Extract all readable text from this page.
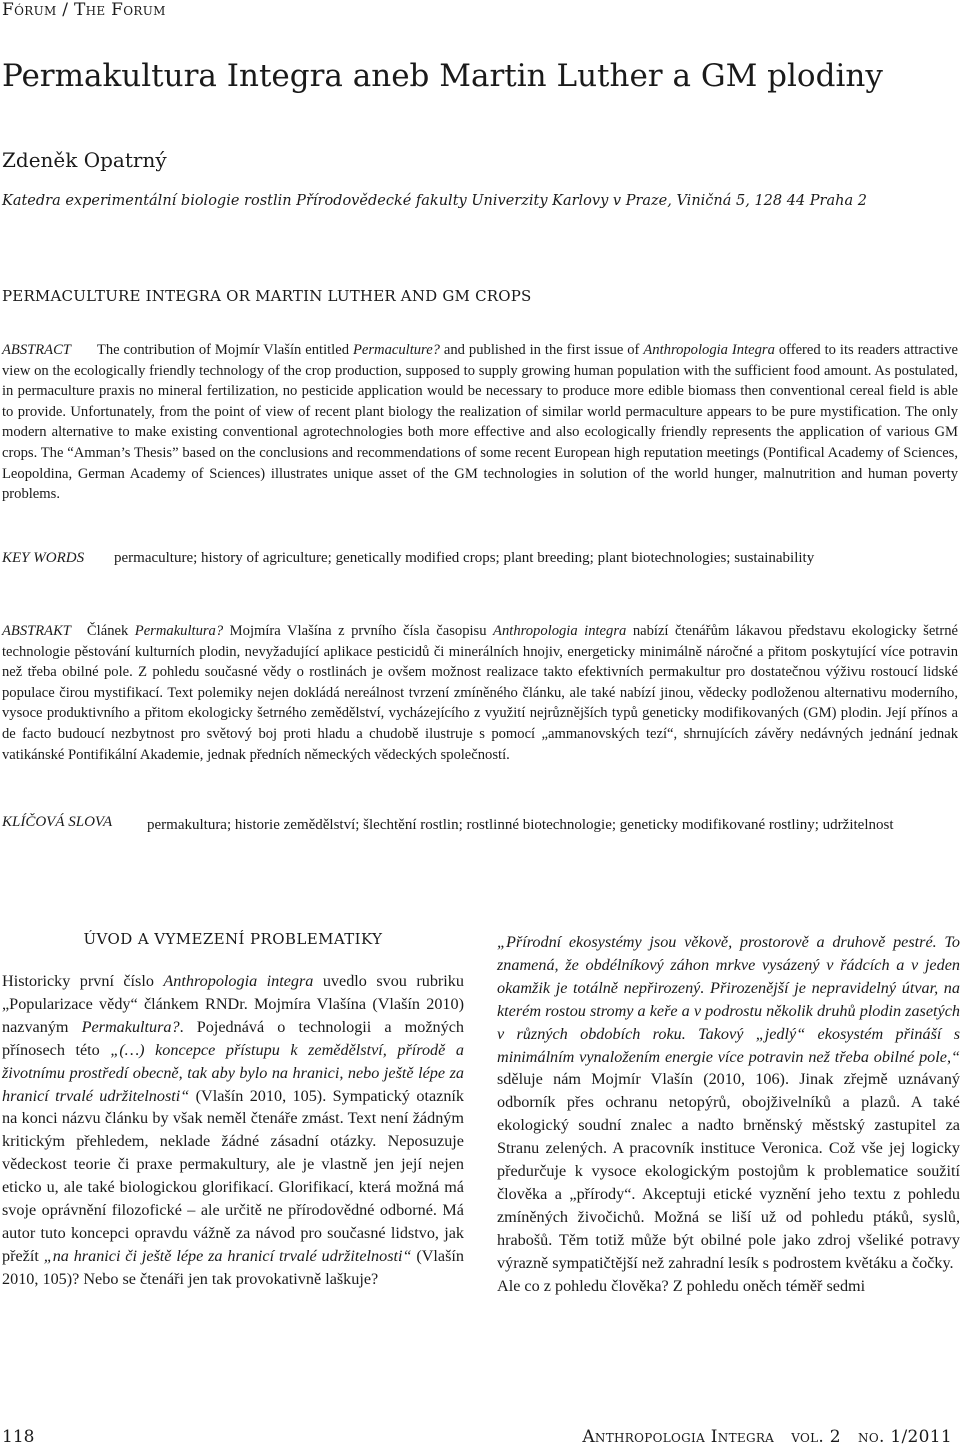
Fórum / The Forum
Permakultura Integra aneb Martin Luther a GM plodiny
Zdeněk Opatrný
Katedra experimentální biologie rostlin Přírodovědecké fakulty Univerzity Karlovy v Praze, Viničná 5, 128 44 Praha 2
PERMACULTURE INTEGRA OR MARTIN LUTHER AND GM CROPS
ABSTRACT The contribution of Mojmír Vlašín entitled Permaculture? and published in the first issue of Anthropologia Integra offered to its readers attractive view on the ecologically friendly technology of the crop production, supposed to supply growing human population with the sufficient food amount. As postulated, in permaculture praxis no mineral fertilization, no pesticide application would be necessary to produce more edible biomass then conventional cereal field is able to provide. Unfortunately, from the point of view of recent plant biology the realization of similar world permaculture appears to be pure mystification. The only modern alternative to make existing conventional agrotechnologies both more effective and also ecologically friendly represents the application of various GM crops. The “Amman’s Thesis” based on the conclusions and recommendations of some recent European high reputation meetings (Pontifical Academy of Sciences, Leopoldina, German Academy of Sciences) illustrates unique asset of the GM technologies in solution of the world hunger, malnutrition and human poverty problems.
KEY WORDS permaculture; history of agriculture; genetically modified crops; plant breeding; plant biotechnologies; sustainability
ABSTRAKT Článek Permakultura? Mojmíra Vlašína z prvního čísla časopisu Anthropologia integra nabízí čtenářům lákavou představu ekologicky šetrné technologie pěstování kulturních plodin, nevyžadující aplikace pesticidů či minerálních hnojiv, energeticky minimálně náročné a přitom poskytující více potravin než třeba obilné pole. Z pohledu současné vědy o rostlinách je ovšem možnost realizace takto efektivních permakultur pro dostatečnou výživu rostoucí lidské populace čirou mystifikací. Text polemiky nejen dokládá nereálnost tvrzení zmíněného článku, ale také nabízí jinou, vědecky podloženou alternativu moderního, vysoce produktivního a přitom ekologicky šetrného zemědělství, vycházejícího z využití nejrůznějších typů geneticky modifikovaných (GM) plodin. Její přínos a de facto budoucí nezbytnost pro světový boj proti hladu a chudobě ilustruje s pomocí „ammanovských tezí“, shrnujících závěry nedávných jednání jednak vatikánské Pontifikální Akademie, jednak předních německých vědeckých společností.
KLÍČOVÁ SLOVA permakultura; historie zemědělství; šlechtění rostlin; rostlinné biotechnologie; geneticky modifikované rostliny; udržitelnost
ÚVOD A VYMEZENÍ PROBLEMATIKY
Historicky první číslo Anthropologia integra uvedlo svou rubriku „Popularizace vědy“ článkem RNDr. Mojmíra Vlašína (Vlašín 2010) nazvaným Permakultura?. Pojednává o technologii a možných přínosech této „(…) koncepce přístupu k zemědělství, přírodě a životnímu prostředí obecně, tak aby bylo na hranici, nebo ještě lépe za hranicí trvalé udržitelnosti“ (Vlašín 2010, 105). Sympatický otazník na konci názvu článku by však neměl čtenáře zmást. Text není žádným kritickým přehledem, neklade žádné zásadní otázky. Neposuzuje vědeckost teorie či praxe permakultury, ale je vlastně jen její nejen eticko u, ale také biologickou glorifikací. Glorifikací, která možná má svoje oprávnění filozofické – ale určitě ne přírodovědné odborné. Má autor tuto koncepci opravdu vážně za návod pro současné lidstvo, jak přežít „na hranici či ještě lépe za hranicí trvalé udržitelnosti“ (Vlašín 2010, 105)? Nebo se čtenáři jen tak provokativně laškuje?
„Přírodní ekosystémy jsou věkově, prostorově a druhově pestré. To znamená, že obdélníkový záhon mrkve vysázený v řádcích a v jeden okamžik je totálně nepřirozený. Přirozenější je nepravidelný útvar, na kterém rostou stromy a keře a v podrostu několik druhů plodin zasetých v různých obdobích roku. Takový „jedlý“ ekosystém přináší s minimálním vynaložením energie více potravin než třeba obilné pole,“ sděluje nám Mojmír Vlašín (2010, 106). Jinak zřejmě uznávaný odborník přes ochranu netopýrů, obojživelníků a plazů. A také ekologický soudní znalec a nadto brněnský městský zastupitel za Stranu zelených. A pracovník instituce Veronica. Což vše jej logicky předurčuje k vysoce ekologickým postojům k problematice soužití člověka a „přírody“. Akceptuji etické vyznění jeho textu z pohledu zmíněných živočichů. Možná se liší už od pohledu ptáků, syslů, hrabošů. Těm totiž může být obilné pole jako zdroj všeliké potravy výrazně sympatičtější než zahradní lesík s podrostem květáku a čočky.
Ale co z pohledu člověka? Z pohledu oněch téměř sedmi
118	Anthropologia Integra   vol. 2   no. 1/2011
